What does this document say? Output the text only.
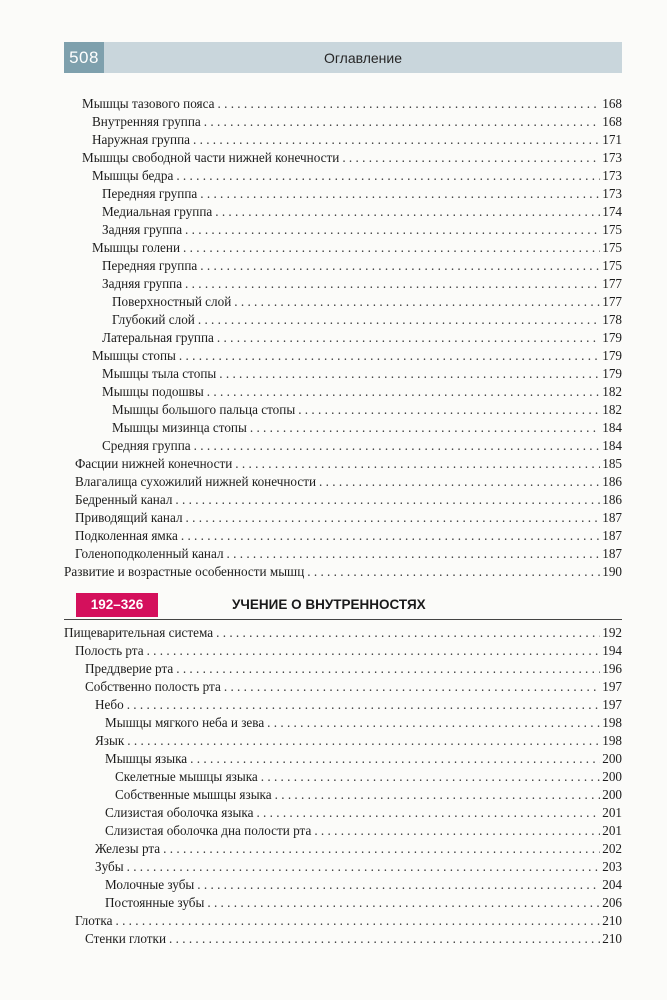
508	Оглавление
Мышцы тазового пояса . . .	168
Внутренняя группа . . .	168
Наружная группа . . .	171
Мышцы свободной части нижней конечности . . .	173
Мышцы бедра . . .	173
Передняя группа . . .	173
Медиальная группа . . .	174
Задняя группа . . .	175
Мышцы голени . . .	175
Передняя группа . . .	175
Задняя группа . . .	177
Поверхностный слой . . .	177
Глубокий слой . . .	178
Латеральная группа . . .	179
Мышцы стопы . . .	179
Мышцы тыла стопы . . .	179
Мышцы подошвы . . .	182
Мышцы большого пальца стопы . . .	182
Мышцы мизинца стопы . . .	184
Средняя группа . . .	184
Фасции нижней конечности . . .	185
Влагалища сухожилий нижней конечности . . .	186
Бедренный канал . . .	186
Приводящий канал . . .	187
Подколенная ямка . . .	187
Голеноподколенный канал . . .	187
Развитие и возрастные особенности мышц . . .	190
192–326	УЧЕНИЕ О ВНУТРЕННОСТЯХ
Пищеварительная система . . .	192
Полость рта . . .	194
Преддверие рта . . .	196
Собственно полость рта . . .	197
Небо . . .	197
Мышцы мягкого неба и зева . . .	198
Язык . . .	198
Мышцы языка . . .	200
Скелетные мышцы языка . . .	200
Собственные мышцы языка . . .	200
Слизистая оболочка языка . . .	201
Слизистая оболочка дна полости рта . . .	201
Железы рта . . .	202
Зубы . . .	203
Молочные зубы . . .	204
Постоянные зубы . . .	206
Глотка . . .	210
Стенки глотки . . .	210
